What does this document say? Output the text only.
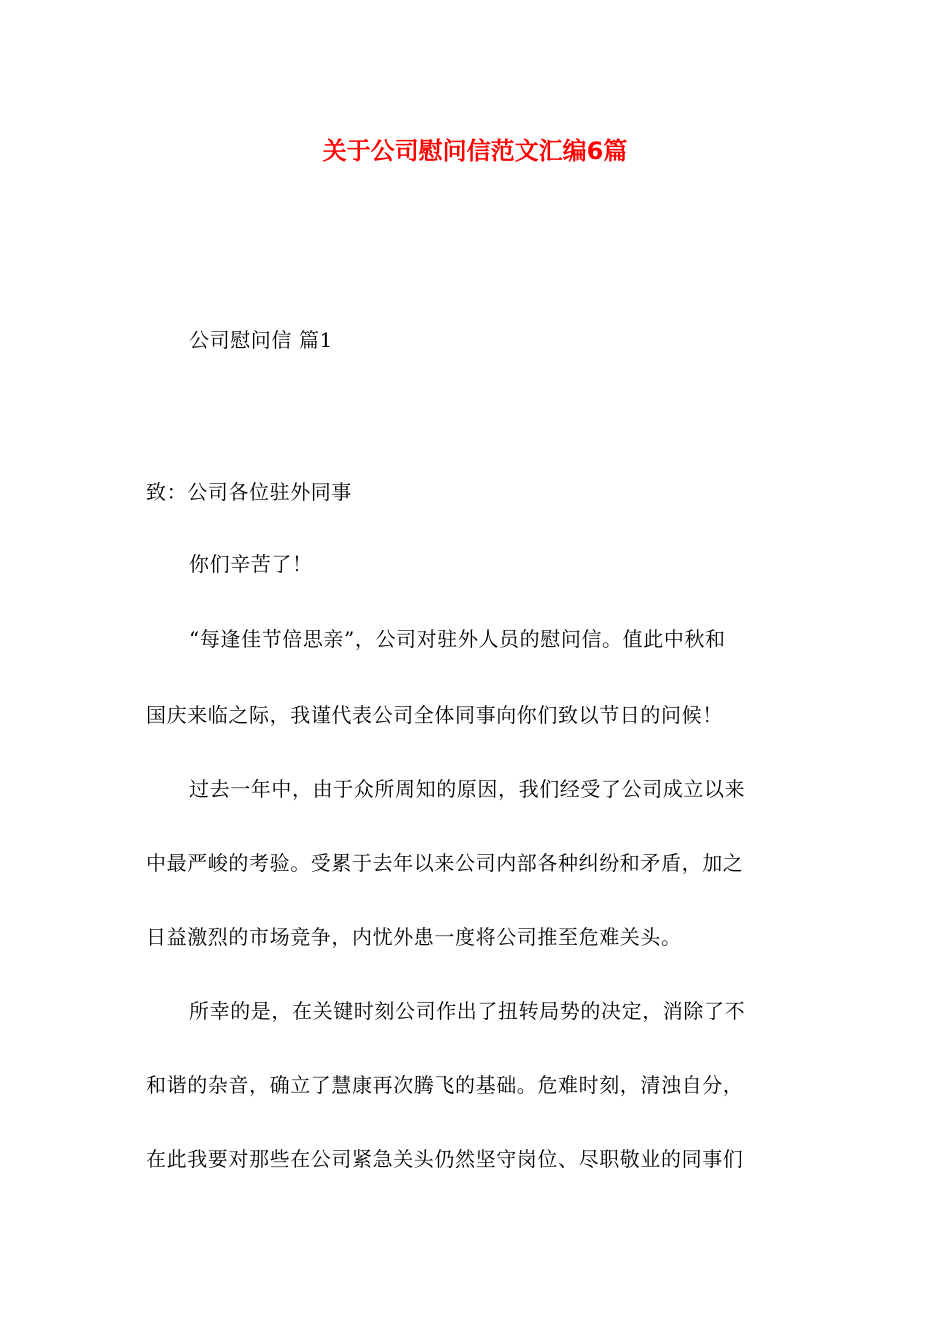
关于公司慰问信范文汇编6篇
公司慰问信 篇1
致：公司各位驻外同事
你们辛苦了！
“每逢佳节倍思亲”，公司对驻外人员的慰问信。值此中秋和
国庆来临之际，我谨代表公司全体同事向你们致以节日的问候！
过去一年中，由于众所周知的原因，我们经受了公司成立以来
中最严峻的考验。受累于去年以来公司内部各种纠纷和矛盾，加之
日益激烈的市场竞争，内忧外患一度将公司推至危难关头。
所幸的是，在关键时刻公司作出了扭转局势的决定，消除了不
和谐的杂音，确立了慧康再次腾飞的基础。危难时刻，清浊自分，
在此我要对那些在公司紧急关头仍然坚守岗位、尽职敬业的同事们
